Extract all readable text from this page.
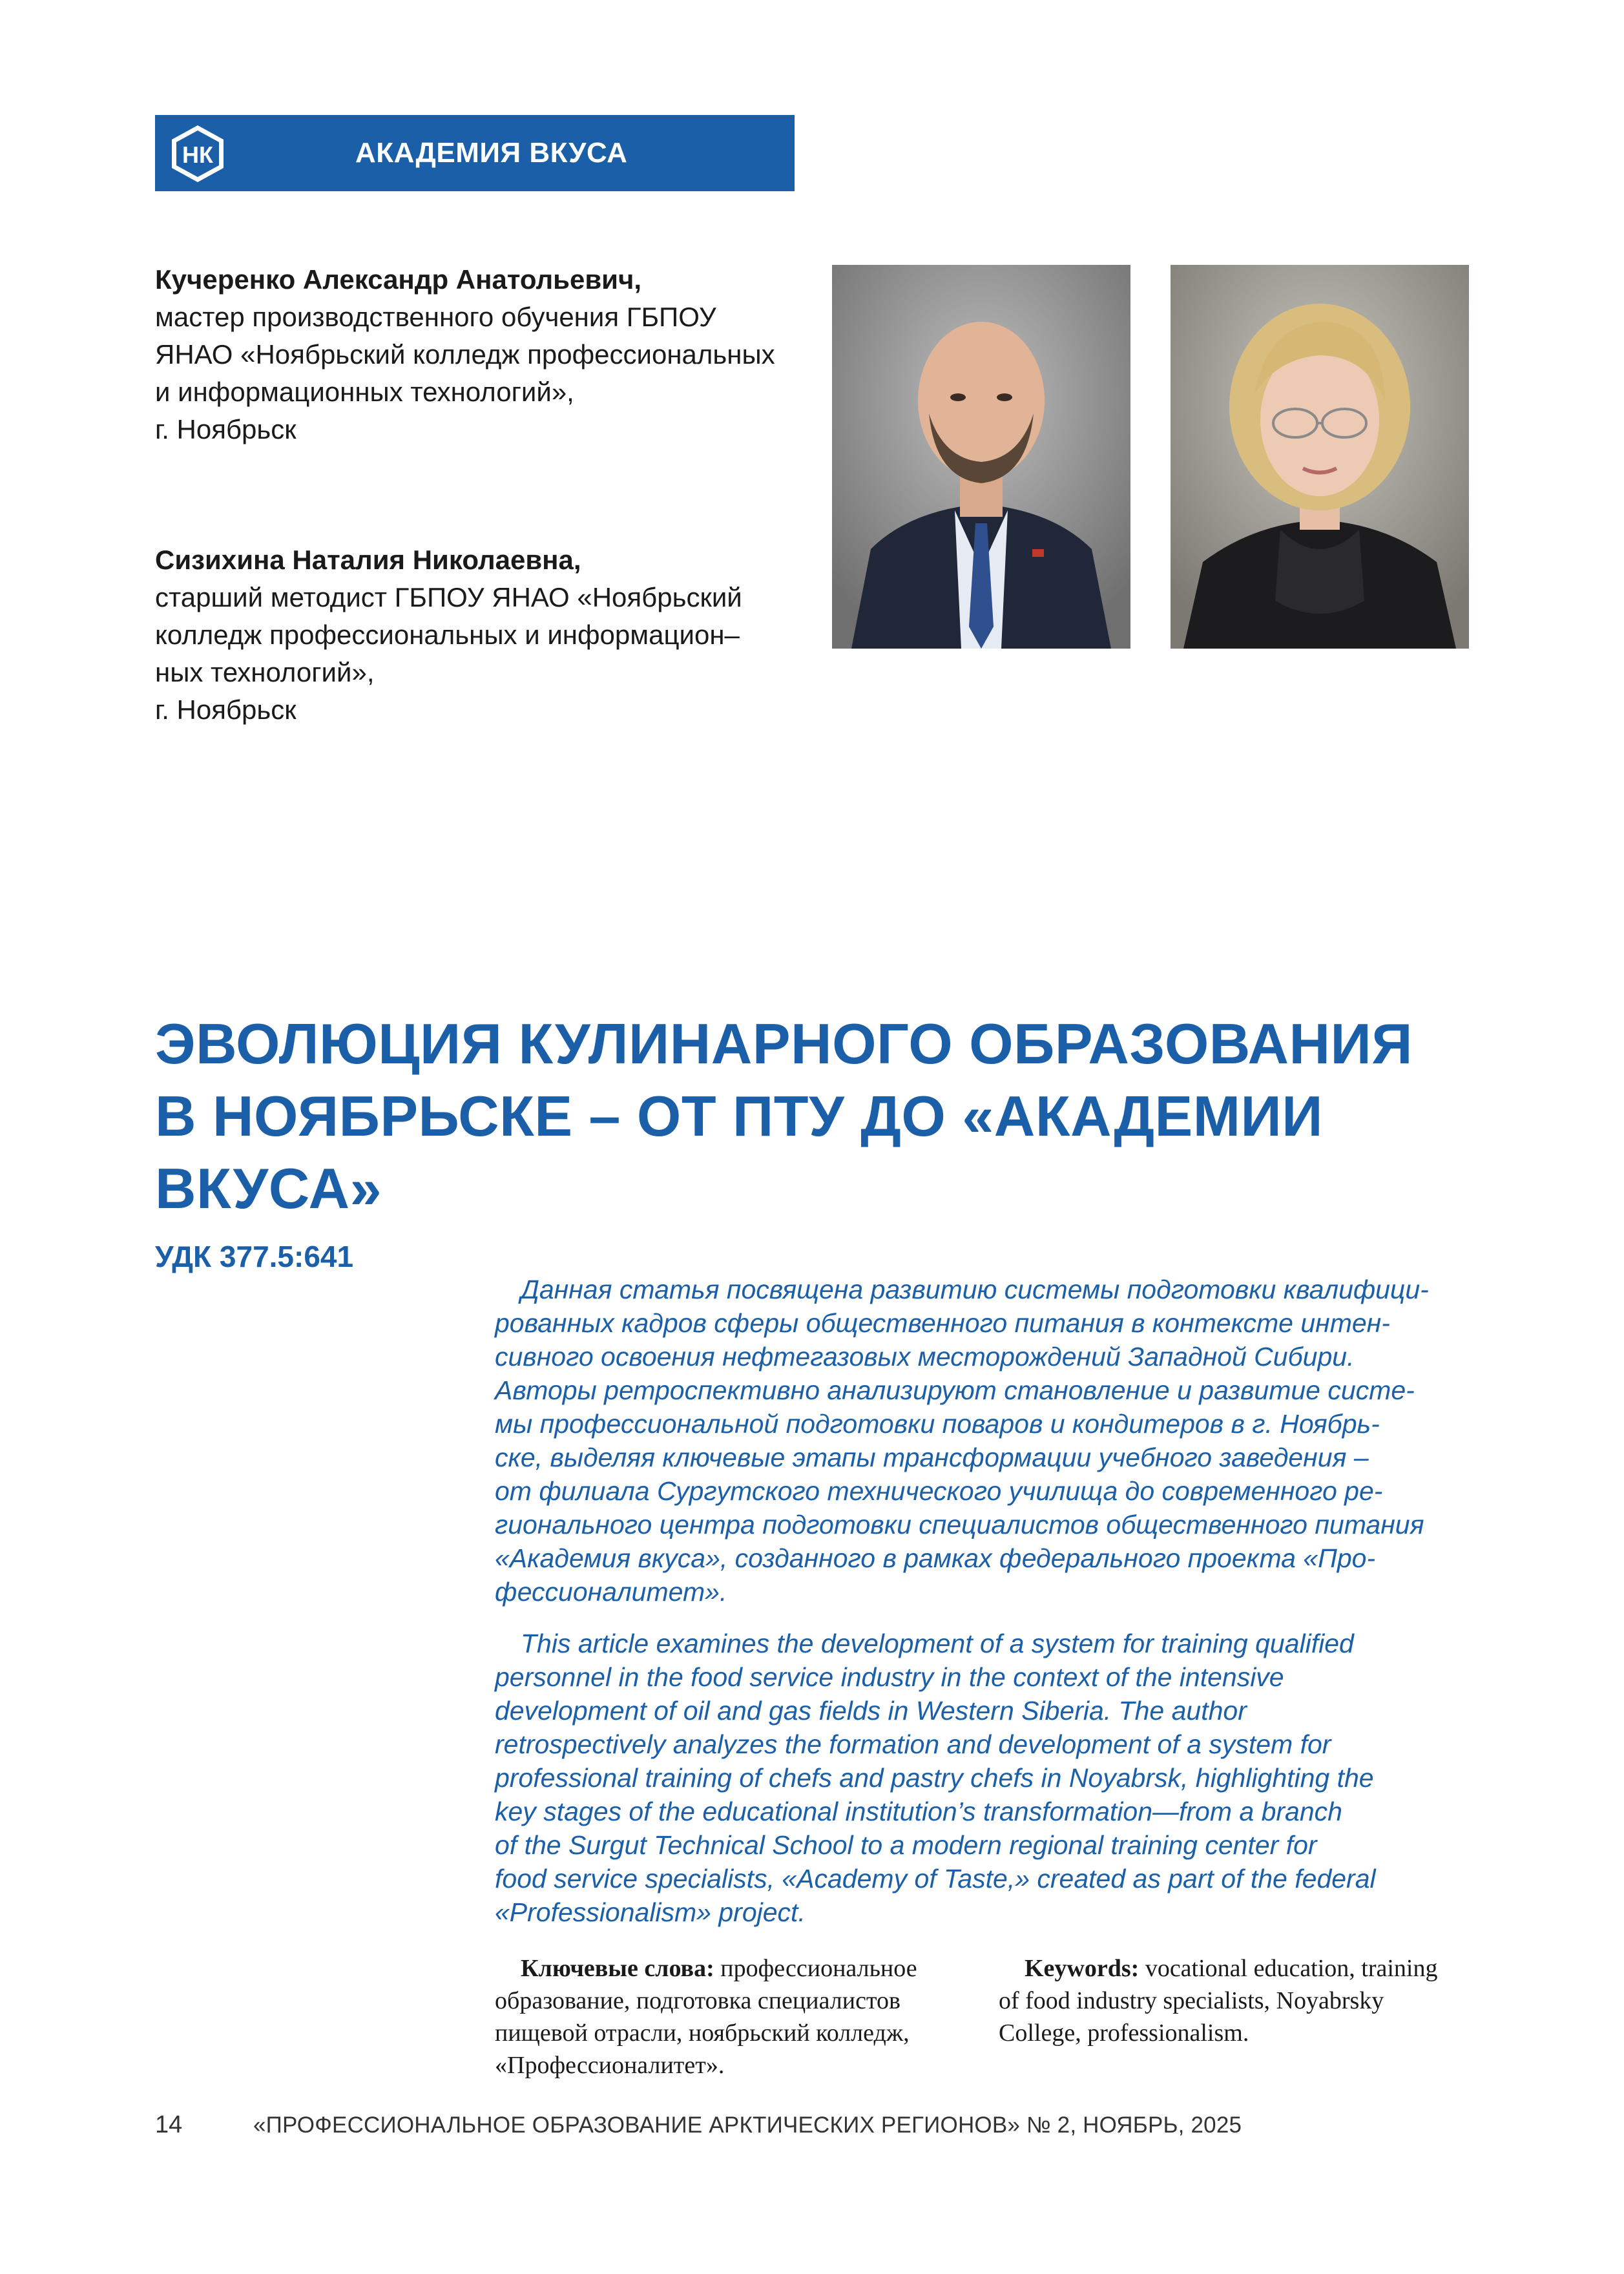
НК	АКАДЕМИЯ ВКУСА
Кучеренко Александр Анатольевич,
мастер производственного обучения ГБПОУ
ЯНАО «Ноябрьский колледж профессиональных
и информационных технологий»,
г. Ноябрьск
Сизихина Наталия Николаевна,
старший методист ГБПОУ ЯНАО «Ноябрьский
колледж профессиональных и информацион–
ных технологий»,
г. Ноябрьск
ЭВОЛЮЦИЯ КУЛИНАРНОГО ОБРАЗОВАНИЯ
В НОЯБРЬСКЕ – ОТ ПТУ ДО «АКАДЕМИИ ВКУСА»
УДК 377.5:641
Данная статья посвящена развитию системы подготовки квалифици-
рованных кадров сферы общественного питания в контексте интен-
сивного освоения нефтегазовых месторождений Западной Сибири.
Авторы ретроспективно анализируют становление и развитие систе-
мы профессиональной подготовки поваров и кондитеров в г. Ноябрь-
ске, выделяя ключевые этапы трансформации учебного заведения –
от филиала Сургутского технического училища до современного ре-
гионального центра подготовки специалистов общественного питания
«Академия вкуса», созданного в рамках федерального проекта «Про-
фессионалитет».
This article examines the development of a system for training qualified
personnel in the food service industry in the context of the intensive
development of oil and gas fields in Western Siberia. The author
retrospectively analyzes the formation and development of a system for
professional training of chefs and pastry chefs in Noyabrsk, highlighting the
key stages of the educational institution’s transformation—from a branch
of the Surgut Technical School to a modern regional training center for
food service specialists, «Academy of Taste,» created as part of the federal
«Professionalism» project.
Ключевые слова: профессиональное
образование, подготовка специалистов
пищевой отрасли, ноябрьский колледж,
«Профессионалитет».
Keywords: vocational education, training
of food industry specialists, Noyabrsky
College, professionalism.
14	«ПРОФЕССИОНАЛЬНОЕ ОБРАЗОВАНИЕ АРКТИЧЕСКИХ РЕГИОНОВ» № 2, НОЯБРЬ, 2025
